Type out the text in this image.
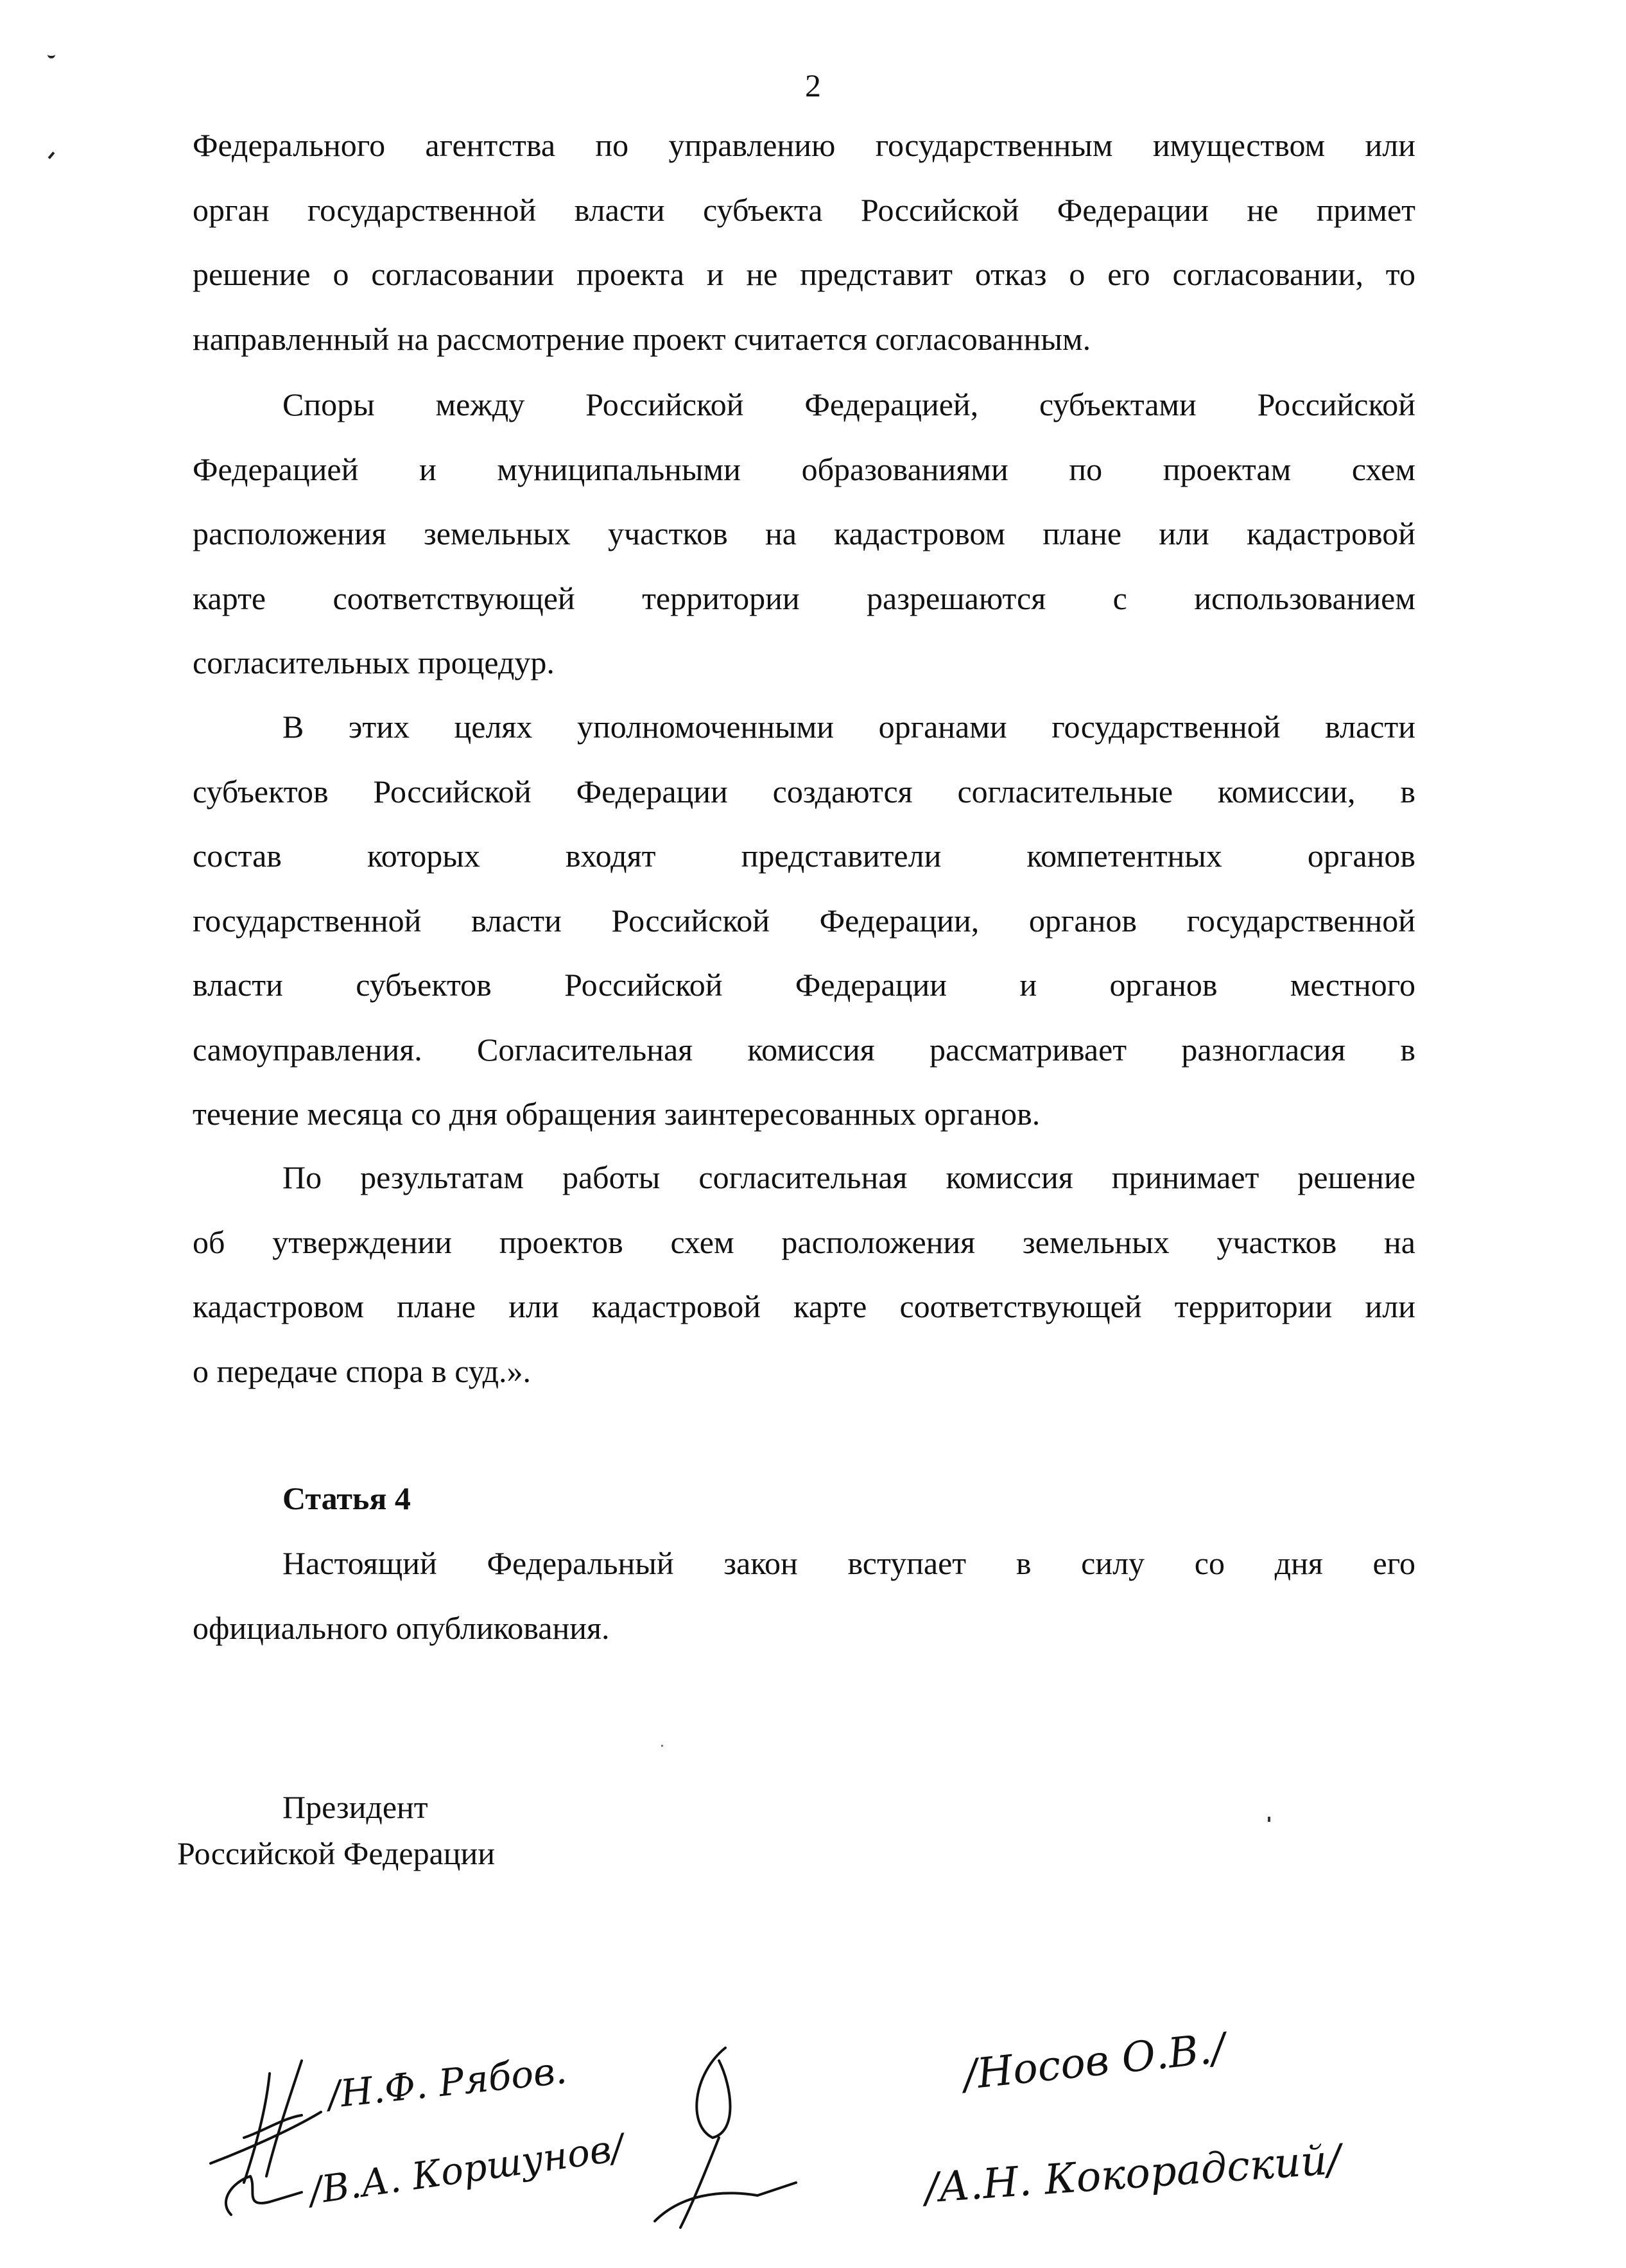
2
Федерального агентства по управлению государственным имуществом или
орган государственной власти субъекта Российской Федерации не примет
решение о согласовании проекта и не представит отказ о его согласовании, то
направленный на рассмотрение проект считается согласованным.
Споры между Российской Федерацией, субъектами Российской
Федерацией и муниципальными образованиями по проектам схем
расположения земельных участков на кадастровом плане или кадастровой
карте соответствующей территории разрешаются с использованием
согласительных процедур.
В этих целях уполномоченными органами государственной власти
субъектов Российской Федерации создаются согласительные комиссии, в
состав которых входят представители компетентных органов
государственной власти Российской Федерации, органов государственной
власти субъектов Российской Федерации и органов местного
самоуправления. Согласительная комиссия рассматривает разногласия в
течение месяца со дня обращения заинтересованных органов.
По результатам работы согласительная комиссия принимает решение
об утверждении проектов схем расположения земельных участков на
кадастровом плане или кадастровой карте соответствующей территории или
о передаче спора в суд.».
Статья 4
Настоящий Федеральный закон вступает в силу со дня его
официального опубликования.
Президент
Российской Федерации
/Н.Ф. Рябов.
/В.А. Коршунов/
/Носов О.В./
/А.Н. Кокорадский/
